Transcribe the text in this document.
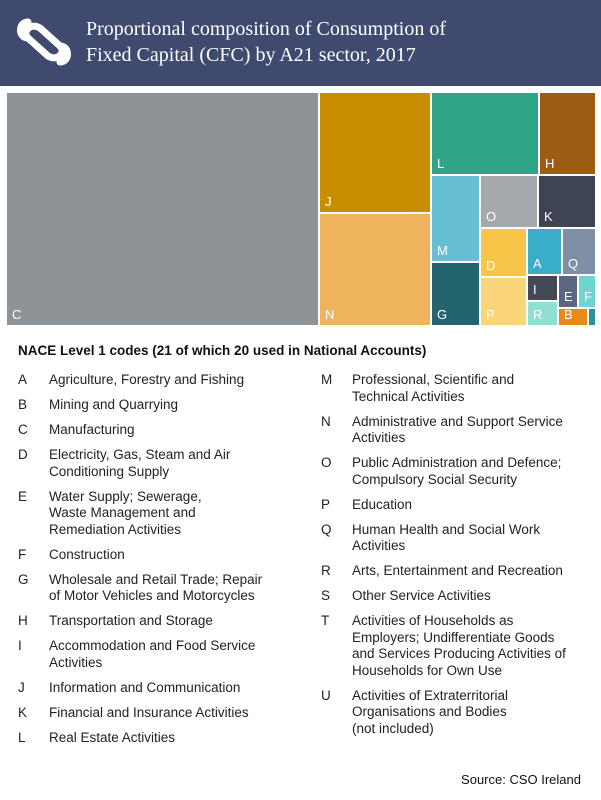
Proportional composition of Consumption of
Fixed Capital (CFC) by A21 sector, 2017
C
J
N
L	H
M
O	K
G
D
P
A Q
I
R
E F
B
NACE Level 1 codes (21 of which 20 used in National Accounts)
A Agriculture, Forestry and Fishing
B Mining and Quarrying
C Manufacturing
D Electricity, Gas, Steam and Air
Conditioning Supply
E Water Supply; Sewerage,
Waste Management and
Remediation Activities
F Construction
G Wholesale and Retail Trade; Repair
of Motor Vehicles and Motorcycles
H Transportation and Storage
I Accommodation and Food Service
Activities
J Information and Communication
K Financial and Insurance Activities
L Real Estate Activities
M Professional, Scientific and
Technical Activities
N Administrative and Support Service
Activities
O Public Administration and Defence;
Compulsory Social Security
P Education
Q Human Health and Social Work
Activities
R Arts, Entertainment and Recreation
S Other Service Activities
T Activities of Households as
Employers; Undifferentiate Goods
and Services Producing Activities of
Households for Own Use
U Activities of Extraterritorial
Organisations and Bodies
(not included)
Source: CSO Ireland
